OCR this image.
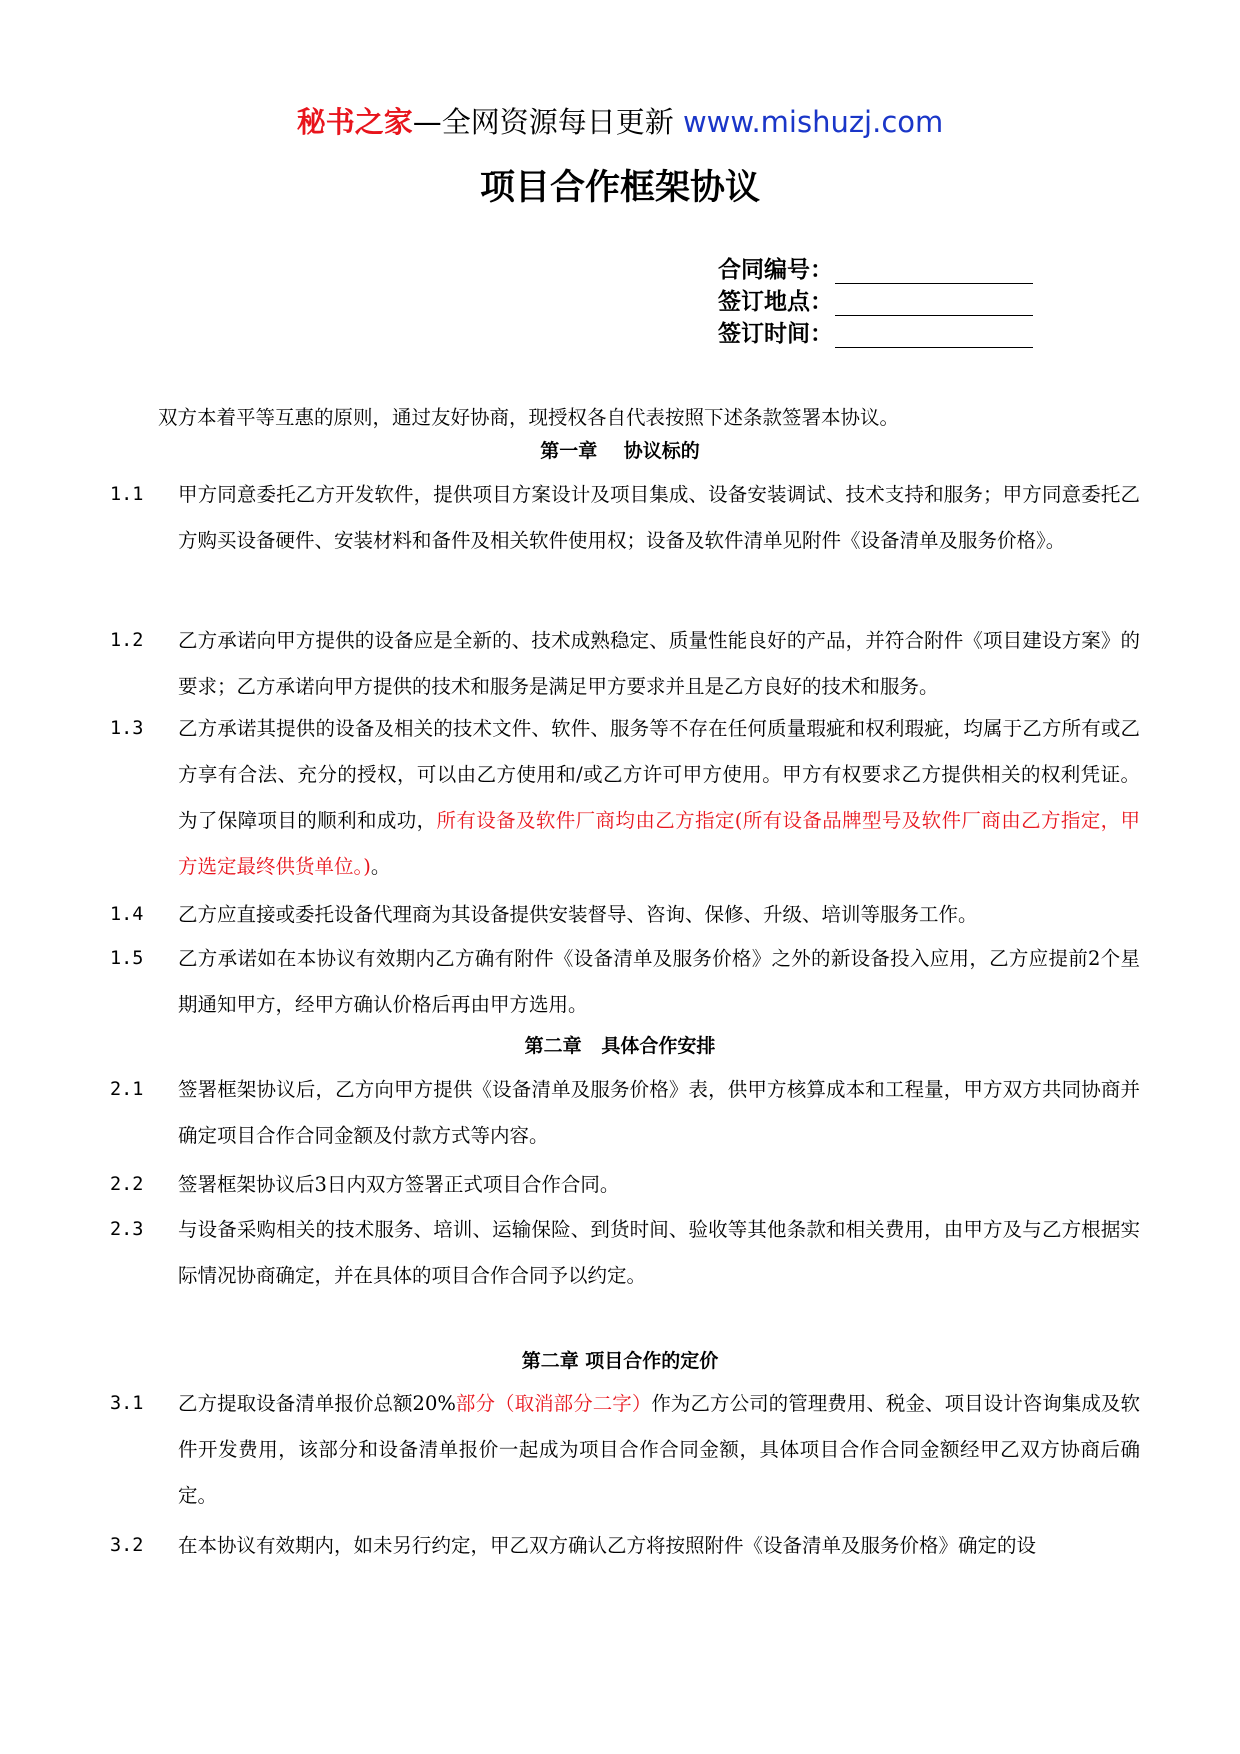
秘书之家—全网资源每日更新 www.mishuzj.com
项目合作框架协议
合同编号：
签订地点：
签订时间：
双方本着平等互惠的原则，通过友好协商，现授权各自代表按照下述条款签署本协议。
第一章    协议标的
1.1 甲方同意委托乙方开发软件，提供项目方案设计及项目集成、设备安装调试、技术支持和服务；甲方同意委托乙方购买设备硬件、安装材料和备件及相关软件使用权；设备及软件清单见附件《设备清单及服务价格》。
1.2 乙方承诺向甲方提供的设备应是全新的、技术成熟稳定、质量性能良好的产品，并符合附件《项目建设方案》的要求；乙方承诺向甲方提供的技术和服务是满足甲方要求并且是乙方良好的技术和服务。
1.3 乙方承诺其提供的设备及相关的技术文件、软件、服务等不存在任何质量瑕疵和权利瑕疵，均属于乙方所有或乙方享有合法、充分的授权，可以由乙方使用和/或乙方许可甲方使用。甲方有权要求乙方提供相关的权利凭证。为了保障项目的顺利和成功，所有设备及软件厂商均由乙方指定(所有设备品牌型号及软件厂商由乙方指定，甲方选定最终供货单位。)。
1.4 乙方应直接或委托设备代理商为其设备提供安装督导、咨询、保修、升级、培训等服务工作。
1.5 乙方承诺如在本协议有效期内乙方确有附件《设备清单及服务价格》之外的新设备投入应用，乙方应提前2个星期通知甲方，经甲方确认价格后再由甲方选用。
第二章   具体合作安排
2.1 签署框架协议后，乙方向甲方提供《设备清单及服务价格》表，供甲方核算成本和工程量，甲方双方共同协商并确定项目合作合同金额及付款方式等内容。
2.2 签署框架协议后3日内双方签署正式项目合作合同。
2.3 与设备采购相关的技术服务、培训、运输保险、到货时间、验收等其他条款和相关费用，由甲方及与乙方根据实际情况协商确定，并在具体的项目合作合同予以约定。
第二章 项目合作的定价
3.1 乙方提取设备清单报价总额20%部分（取消部分二字）作为乙方公司的管理费用、税金、项目设计咨询集成及软件开发费用，该部分和设备清单报价一起成为项目合作合同金额，具体项目合作合同金额经甲乙双方协商后确定。
3.2 在本协议有效期内，如未另行约定，甲乙双方确认乙方将按照附件《设备清单及服务价格》确定的设
